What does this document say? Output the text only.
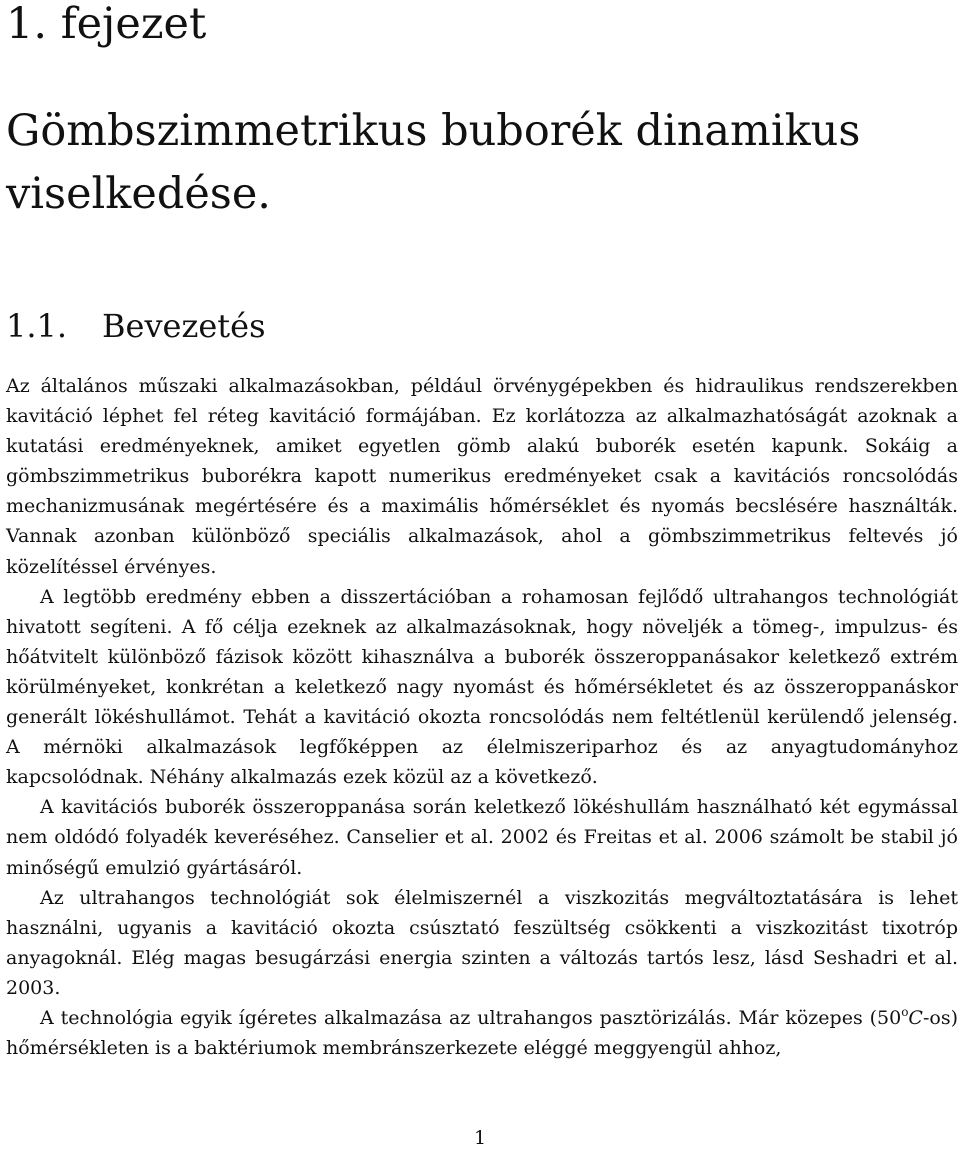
1. fejezet
Gömbszimmetrikus buborék dinamikus viselkedése.
1.1. Bevezetés

Az általános műszaki alkalmazásokban, például örvénygépekben és hidraulikus rendszerekben kavitáció léphet fel réteg kavitáció formájában. Ez korlátozza az alkalmazhatóságát azoknak a kutatási eredményeknek, amiket egyetlen gömb alakú buborék esetén kapunk. Sokáig a gömbszimmetrikus buborékra kapott numerikus eredményeket csak a kavitációs roncsolódás mechanizmusának megértésére és a maximális hőmérséklet és nyomás becslésére használták. Vannak azonban különböző speciális alkalmazások, ahol a gömbszimmetrikus feltevés jó közelítéssel érvényes.

A legtöbb eredmény ebben a disszertációban a rohamosan fejlődő ultrahangos technológiát hivatott segíteni. A fő célja ezeknek az alkalmazásoknak, hogy növeljék a tömeg-, impulzus- és hőátvitelt különböző fázisok között kihasználva a buborék összeroppanásakor keletkező extrém körülményeket, konkrétan a keletkező nagy nyomást és hőmérsékletet és az összeroppanáskor generált lökéshullámot. Tehát a kavitáció okozta roncsolódás nem feltétlenül kerülendő jelenség. A mérnöki alkalmazások legfőképpen az élelmiszeriparhoz és az anyagtudományhoz kapcsolódnak. Néhány alkalmazás ezek közül az a következő.

A kavitációs buborék összeroppanása során keletkező lökéshullám használható két egymással nem oldódó folyadék keveréséhez. Canselier et al. 2002 és Freitas et al. 2006 számolt be stabil jó minőségű emulzió gyártásáról.

Az ultrahangos technológiát sok élelmiszernél a viszkozitás megváltoztatására is lehet használni, ugyanis a kavitáció okozta csúsztató feszültség csökkenti a viszkozitást tixotróp anyagoknál. Elég magas besugárzási energia szinten a változás tartós lesz, lásd Seshadri et al. 2003.

A technológia egyik ígéretes alkalmazása az ultrahangos pasztörizálás. Már közepes (50$^o$C-os) hőmérsékleten is a baktériumok membránszerkezete eléggé meggyengül ahhoz,

1
